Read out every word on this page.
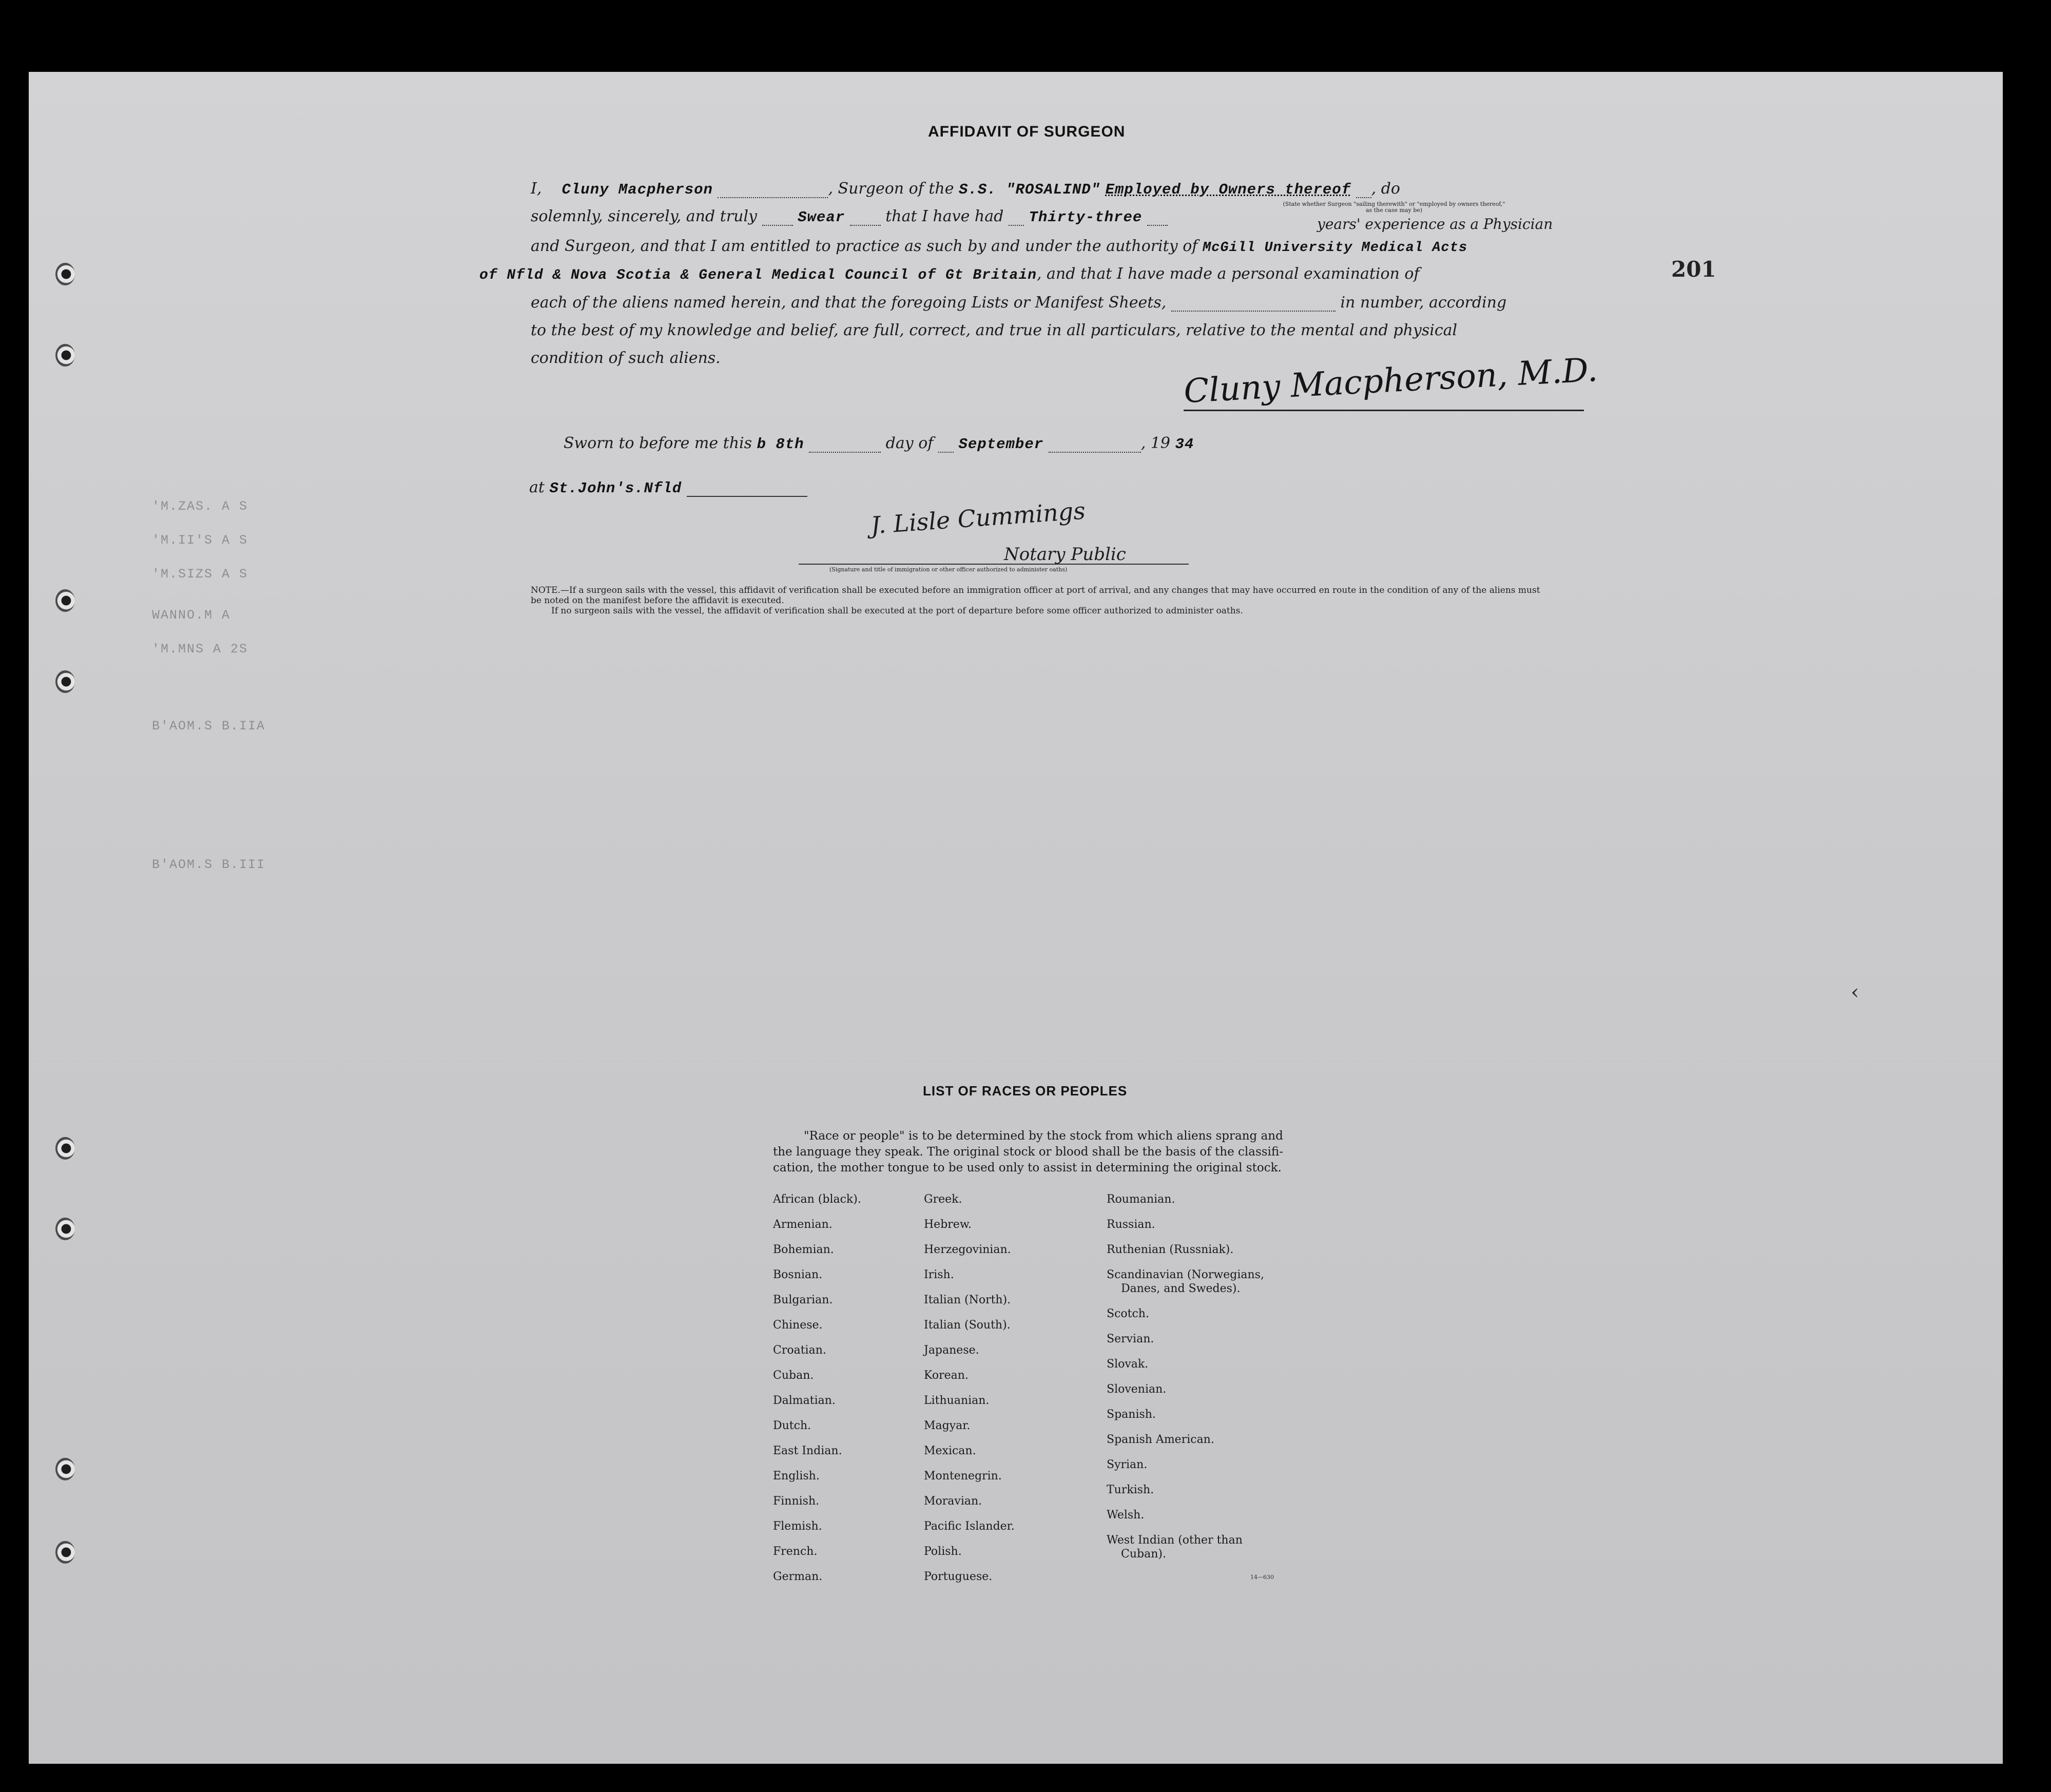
201
AFFIDAVIT OF SURGEON
I, Cluny Macpherson	, Surgeon of the S.S. "ROSALIND" Employed by Owners thereof , do
solemnly, sincerely, and truly	Swear	that I have had Thirty-three
(State whether Surgeon "sailing therewith" or "employed by owners thereof," as the case may be)
years' experience as a Physician
and Surgeon, and that I am entitled to practice as such by and under the authority of McGill University Medical Acts
of Nfld & Nova Scotia & General Medical Council of Gt Britain, and that I have made a personal examination of
each of the aliens named herein, and that the foregoing Lists or Manifest Sheets,	in number, according
to the best of my knowledge and belief, are full, correct, and true in all particulars, relative to the mental and physical
condition of such aliens.	Cluny Macpherson, M.D.
Sworn to before me this b 8th	day of September	, 19 34
at St.John's.Nfld
J. Lisle Cummings
Notary Public
(Signature and title of immigration or other officer authorized to administer oaths)
NOTE.—If a surgeon sails with the vessel, this affidavit of verification shall be executed before an immigration officer at port of arrival, and any changes that may have occurred en route in the condition of any of the aliens must be noted on the manifest before the affidavit is executed.
If no surgeon sails with the vessel, the affidavit of verification shall be executed at the port of departure before some officer authorized to administer oaths.
'M.ZAS. A S
'M.II'S A S
'M.SIZS A S
WANNO.M A
'M.MNS A 2S
B'AOM.S B.IIA
B'AOM.S B.III
LIST OF RACES OR PEOPLES
"Race or people" is to be determined by the stock from which aliens sprang and
the language they speak. The original stock or blood shall be the basis of the classifi-
cation, the mother tongue to be used only to assist in determining the original stock.
African (black).
Armenian.
Bohemian.
Bosnian.
Bulgarian.
Chinese.
Croatian.
Cuban.
Dalmatian.
Dutch.
East Indian.
English.
Finnish.
Flemish.
French.
German.
Greek.
Hebrew.
Herzegovinian.
Irish.
Italian (North).
Italian (South).
Japanese.
Korean.
Lithuanian.
Magyar.
Mexican.
Montenegrin.
Moravian.
Pacific Islander.
Polish.
Portuguese.
Roumanian.
Russian.
Ruthenian (Russniak).
Scandinavian (Norwegians,
Danes, and Swedes).
Scotch.
Servian.
Slovak.
Slovenian.
Spanish.
Spanish American.
Syrian.
Turkish.
Welsh.
West Indian (other than
Cuban).
14—630
‹
